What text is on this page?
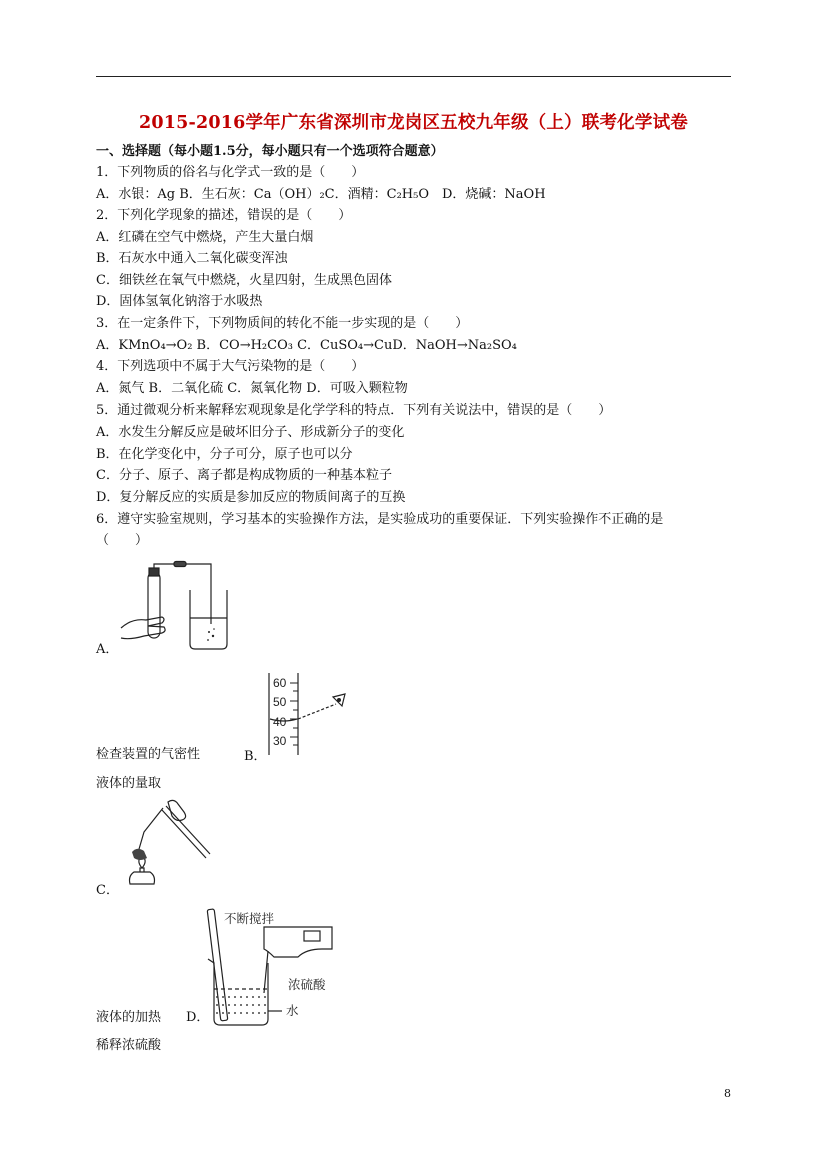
2015-2016学年广东省深圳市龙岗区五校九年级（上）联考化学试卷
一、选择题（每小题1.5分，每小题只有一个选项符合题意）
1．下列物质的俗名与化学式一致的是（　　）
A．水银：Ag B．生石灰：Ca（OH）₂C．酒精：C₂H₅O　D．烧碱：NaOH
2．下列化学现象的描述，错误的是（　　）
A．红磷在空气中燃烧，产生大量白烟
B．石灰水中通入二氧化碳变浑浊
C．细铁丝在氧气中燃烧，火星四射，生成黑色固体
D．固体氢氧化钠溶于水吸热
3．在一定条件下，下列物质间的转化不能一步实现的是（　　）
A．KMnO₄→O₂ B．CO→H₂CO₃ C．CuSO₄→CuD．NaOH→Na₂SO₄
4．下列选项中不属于大气污染物的是（　　）
A．氮气 B．二氧化硫 C．氮氧化物 D．可吸入颗粒物
5．通过微观分析来解释宏观现象是化学学科的特点．下列有关说法中，错误的是（　　）
A．水发生分解反应是破坏旧分子、形成新分子的变化
B．在化学变化中，分子可分，原子也可以分
C．分子、原子、离子都是构成物质的一种基本粒子
D．复分解反应的实质是参加反应的物质间离子的互换
6．遵守实验室规则，学习基本的实验操作方法，是实验成功的重要保证．下列实验操作不正确的是
（　　）
A．
60
50
40
30
检查装置的气密性	B．
液体的量取
C．
不断搅拌
浓硫酸
水
液体的加热 D．
稀释浓硫酸
8
